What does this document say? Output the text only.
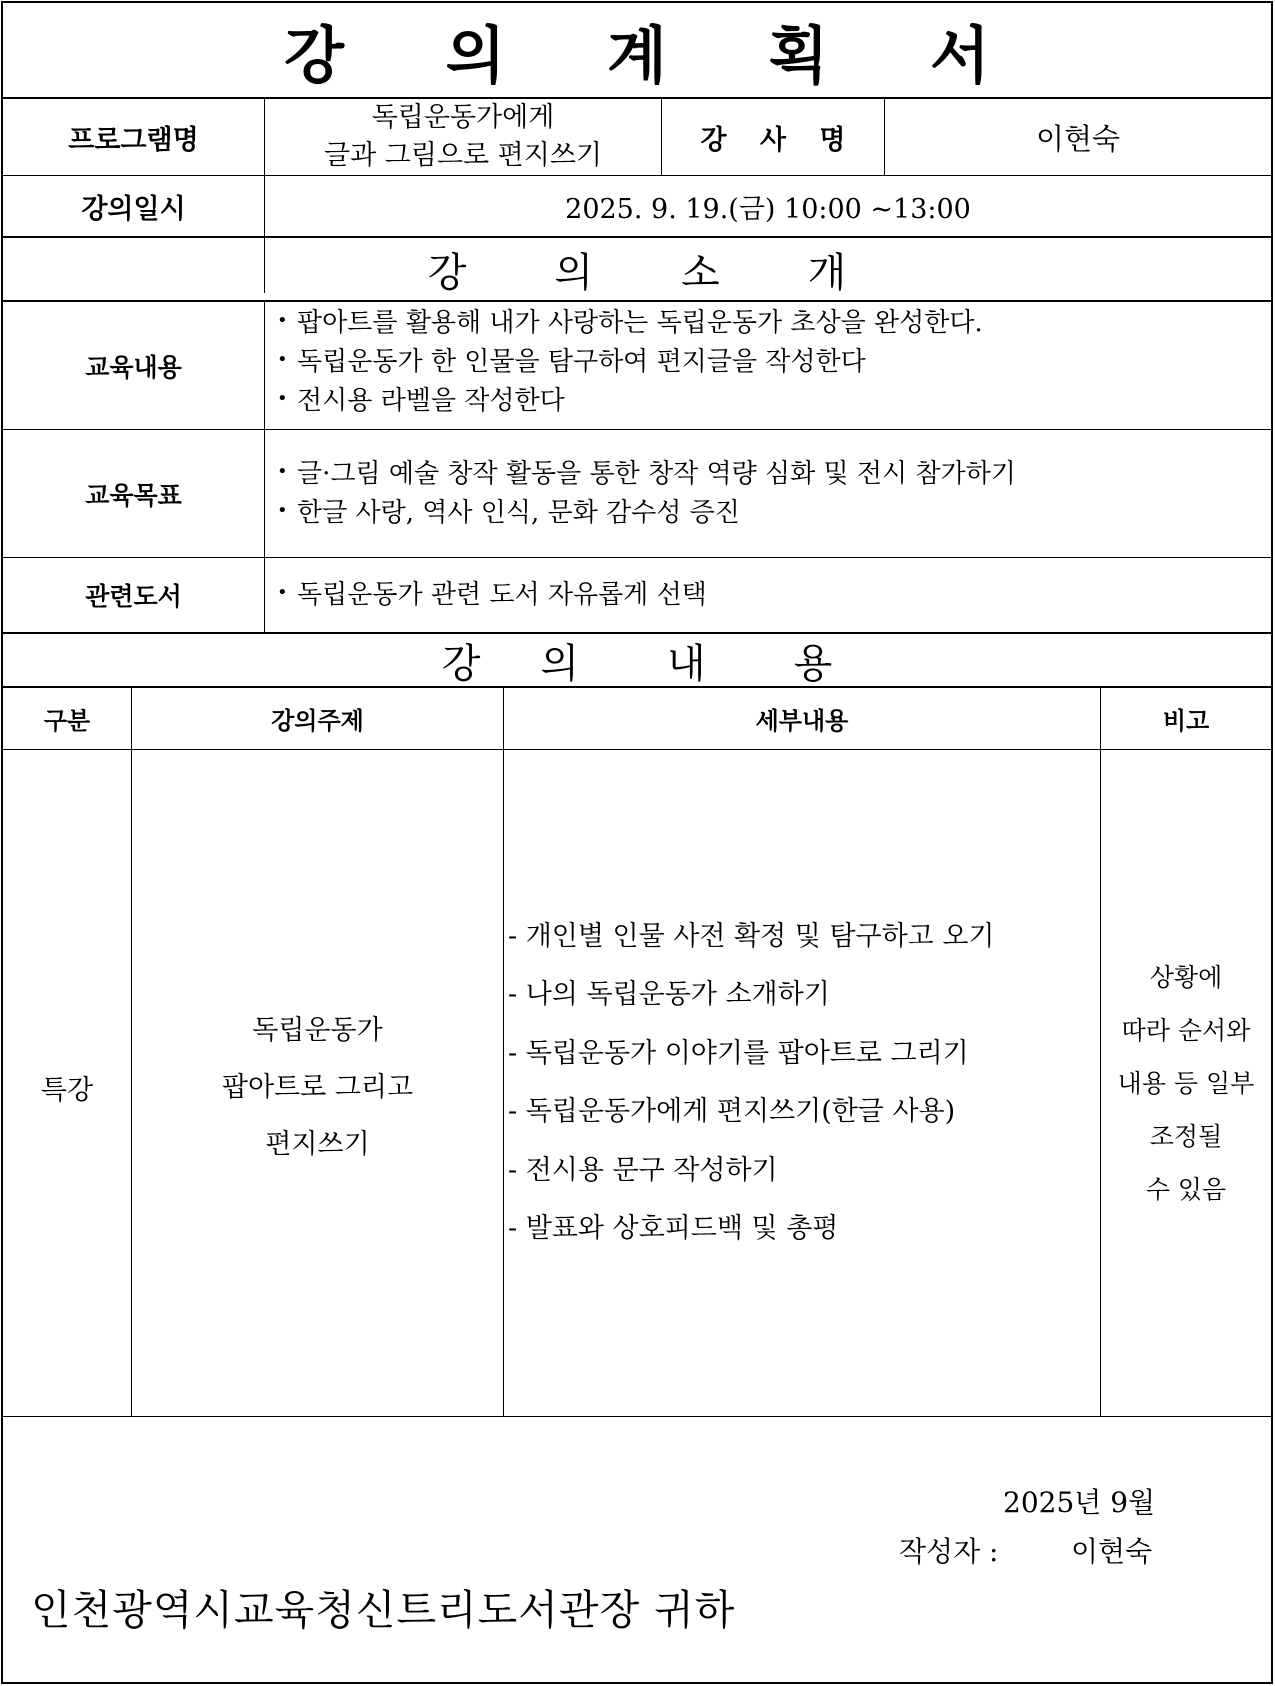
강 의 계 획 서
프로그램명
독립운동가에게
글과 그림으로 편지쓰기	강 사 명	이현숙
강의일시	2025. 9. 19.(금) 10:00 ~13:00
강 의 소 개
교육내용
• 팝아트를 활용해 내가 사랑하는 독립운동가 초상을 완성한다.
• 독립운동가 한 인물을 탐구하여 편지글을 작성한다
• 전시용 라벨을 작성한다
교육목표
• 글·그림 예술 창작 활동을 통한 창작 역량 심화 및 전시 참가하기
• 한글 사랑, 역사 인식, 문화 감수성 증진
관련도서
•	독립운동가 관련 도서 자유롭게 선택
강 의 내 용
구분	강의주제	세부내용	비고
특강
독립운동가
팝아트로 그리고
편지쓰기
- 개인별 인물 사전 확정 및 탐구하고 오기
- 나의 독립운동가 소개하기
- 독립운동가 이야기를 팝아트로 그리기
- 독립운동가에게 편지쓰기(한글 사용)
- 전시용 문구 작성하기
- 발표와 상호피드백 및 총평
상황에
따라 순서와
내용 등 일부
조정될
수 있음
2025년 9월
작성자 :	이현숙
인천광역시교육청신트리도서관장 귀하
